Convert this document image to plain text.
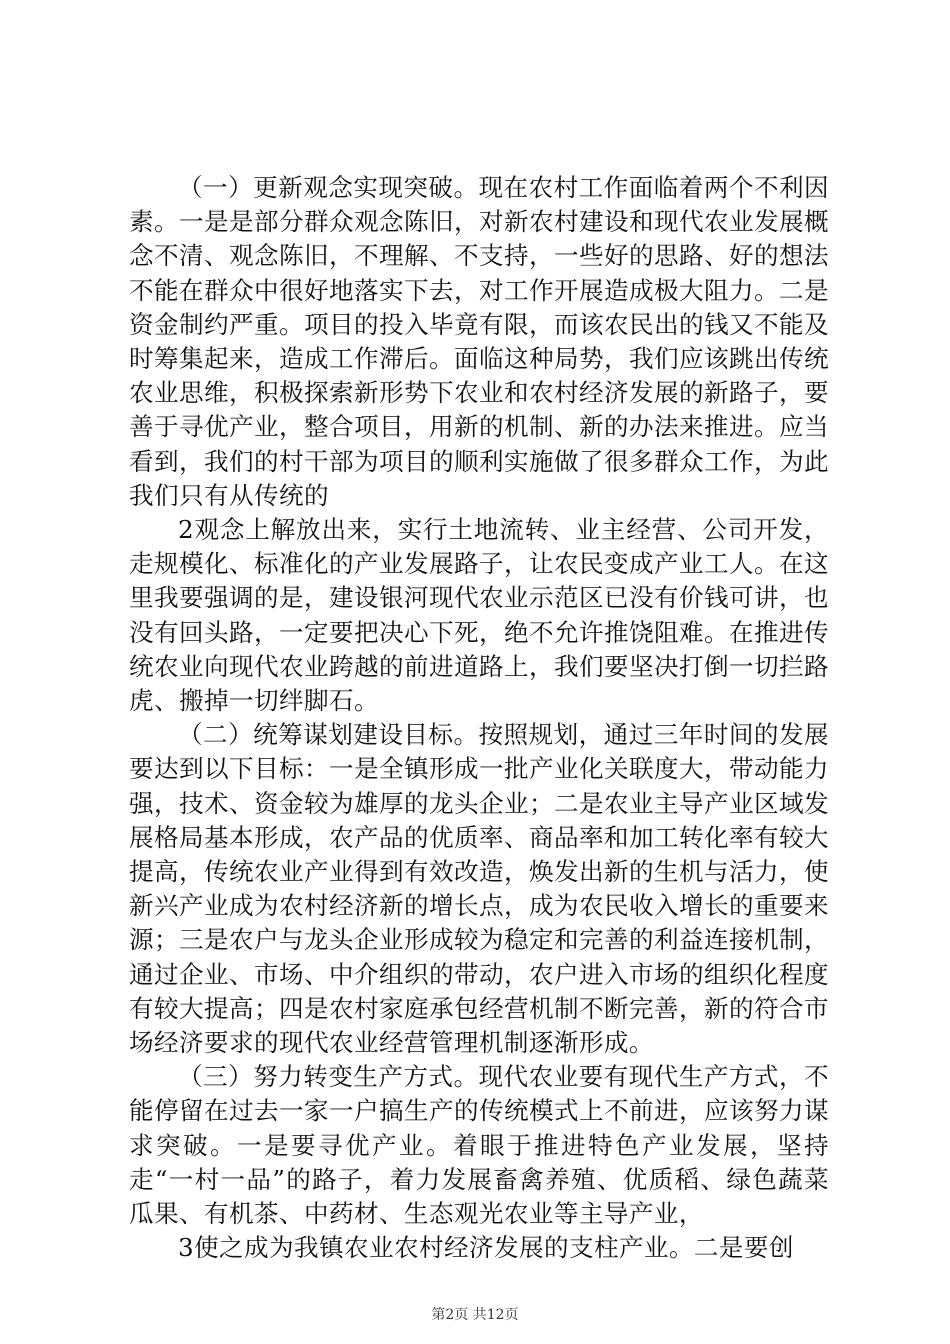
（一）更新观念实现突破。现在农村工作面临着两个不利因素。一是是部分群众观念陈旧，对新农村建设和现代农业发展概念不清、观念陈旧，不理解、不支持，一些好的思路、好的想法不能在群众中很好地落实下去，对工作开展造成极大阻力。二是资金制约严重。项目的投入毕竟有限，而该农民出的钱又不能及时筹集起来，造成工作滞后。面临这种局势，我们应该跳出传统农业思维，积极探索新形势下农业和农村经济发展的新路子，要善于寻优产业，整合项目，用新的机制、新的办法来推进。应当看到，我们的村干部为项目的顺利实施做了很多群众工作，为此我们只有从传统的

2观念上解放出来，实行土地流转、业主经营、公司开发，走规模化、标准化的产业发展路子，让农民变成产业工人。在这里我要强调的是，建设银河现代农业示范区已没有价钱可讲，也没有回头路，一定要把决心下死，绝不允许推饶阻难。在推进传统农业向现代农业跨越的前进道路上，我们要坚决打倒一切拦路虎、搬掉一切绊脚石。

（二）统筹谋划建设目标。按照规划，通过三年时间的发展要达到以下目标：一是全镇形成一批产业化关联度大，带动能力强，技术、资金较为雄厚的龙头企业；二是农业主导产业区域发展格局基本形成，农产品的优质率、商品率和加工转化率有较大提高，传统农业产业得到有效改造，焕发出新的生机与活力，使新兴产业成为农村经济新的增长点，成为农民收入增长的重要来源；三是农户与龙头企业形成较为稳定和完善的利益连接机制，通过企业、市场、中介组织的带动，农户进入市场的组织化程度有较大提高；四是农村家庭承包经营机制不断完善，新的符合市场经济要求的现代农业经营管理机制逐渐形成。

（三）努力转变生产方式。现代农业要有现代生产方式，不能停留在过去一家一户搞生产的传统模式上不前进，应该努力谋求突破。一是要寻优产业。着眼于推进特色产业发展，坚持走“一村一品”的路子，着力发展畜禽养殖、优质稻、绿色蔬菜瓜果、有机茶、中药材、生态观光农业等主导产业，

3使之成为我镇农业农村经济发展的支柱产业。二是要创

第2页 共12页
